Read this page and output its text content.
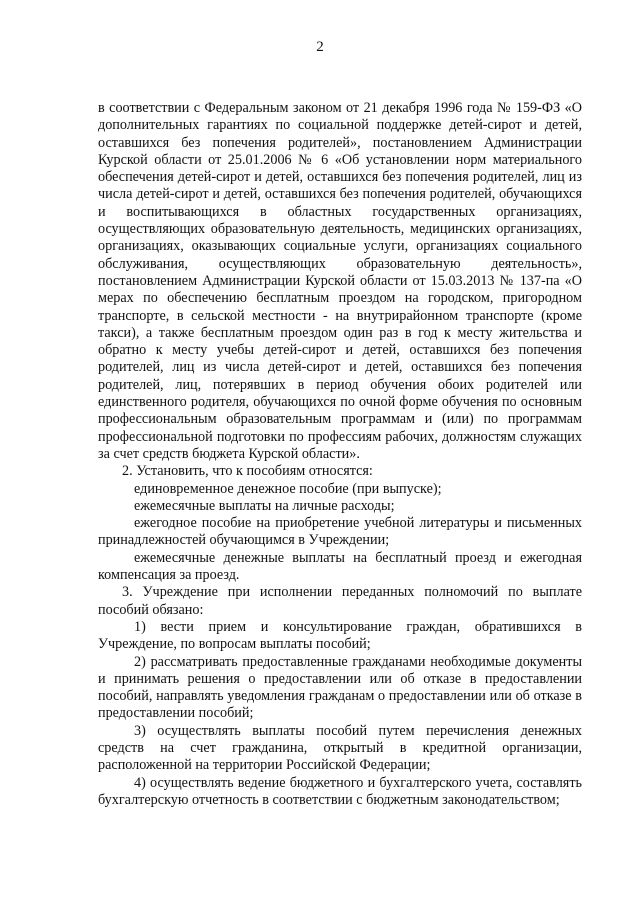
2

в соответствии с Федеральным законом от 21 декабря 1996 года № 159-ФЗ «О дополнительных гарантиях по социальной поддержке детей-сирот и детей, оставшихся без попечения родителей», постановлением Администрации Курской области от 25.01.2006 № 6 «Об установлении норм материального обеспечения детей-сирот и детей, оставшихся без попечения родителей, лиц из числа детей-сирот и детей, оставшихся без попечения родителей, обучающихся и воспитывающихся в областных государственных организациях, осуществляющих образовательную деятельность, медицинских организациях, организациях, оказывающих социальные услуги, организациях социального обслуживания, осуществляющих образовательную деятельность», постановлением Администрации Курской области от 15.03.2013 № 137-па «О мерах по обеспечению бесплатным проездом на городском, пригородном транспорте, в сельской местности - на внутрирайонном транспорте (кроме такси), а также бесплатным проездом один раз в год к месту жительства и обратно к месту учебы детей-сирот и детей, оставшихся без попечения родителей, лиц из числа детей-сирот и детей, оставшихся без попечения родителей, лиц, потерявших в период обучения обоих родителей или единственного родителя, обучающихся по очной форме обучения по основным профессиональным образовательным программам и (или) по программам профессиональной подготовки по профессиям рабочих, должностям служащих за счет средств бюджета Курской области».

2. Установить, что к пособиям относятся:

единовременное денежное пособие (при выпуске);

ежемесячные выплаты на личные расходы;

ежегодное пособие на приобретение учебной литературы и письменных принадлежностей обучающимся в Учреждении;

ежемесячные денежные выплаты на бесплатный проезд и ежегодная компенсация за проезд.

3. Учреждение при исполнении переданных полномочий по выплате пособий обязано:

1) вести прием и консультирование граждан, обратившихся в Учреждение, по вопросам выплаты пособий;

2) рассматривать предоставленные гражданами необходимые документы и принимать решения о предоставлении или об отказе в предоставлении пособий, направлять уведомления гражданам о предоставлении или об отказе в предоставлении пособий;

3) осуществлять выплаты пособий путем перечисления денежных средств на счет гражданина, открытый в кредитной организации, расположенной на территории Российской Федерации;

4) осуществлять ведение бюджетного и бухгалтерского учета, составлять бухгалтерскую отчетность в соответствии с бюджетным законодательством;
